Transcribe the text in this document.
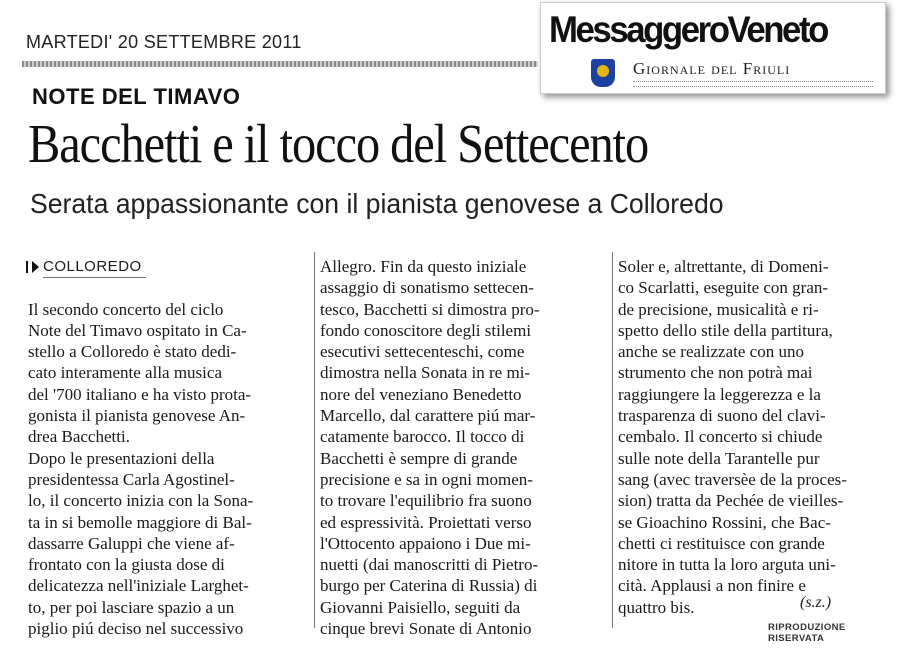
MARTEDI' 20 SETTEMBRE 2011	MessaggeroVeneto
Giornale del Friuli
NOTE DEL TIMAVO
Bacchetti e il tocco del Settecento
Serata appassionante con il pianista genovese a Colloredo
COLLOREDO
Il secondo concerto del ciclo
Note del Timavo ospitato in Ca-
stello a Colloredo è stato dedi-
cato interamente alla musica
del '700 italiano e ha visto prota-
gonista il pianista genovese An-
drea Bacchetti.
Dopo le presentazioni della
presidentessa Carla Agostinel-
lo, il concerto inizia con la Sona-
ta in si bemolle maggiore di Bal-
dassarre Galuppi che viene af-
frontato con la giusta dose di
delicatezza nell'iniziale Larghet-
to, per poi lasciare spazio a un
piglio piú deciso nel successivo
Allegro. Fin da questo iniziale
assaggio di sonatismo settecen-
tesco, Bacchetti si dimostra pro-
fondo conoscitore degli stilemi
esecutivi settecenteschi, come
dimostra nella Sonata in re mi-
nore del veneziano Benedetto
Marcello, dal carattere piú mar-
catamente barocco. Il tocco di
Bacchetti è sempre di grande
precisione e sa in ogni momen-
to trovare l'equilibrio fra suono
ed espressività. Proiettati verso
l'Ottocento appaiono i Due mi-
nuetti (dai manoscritti di Pietro-
burgo per Caterina di Russia) di
Giovanni Paisiello, seguiti da
cinque brevi Sonate di Antonio
Soler e, altrettante, di Domeni-
co Scarlatti, eseguite con gran-
de precisione, musicalità e ri-
spetto dello stile della partitura,
anche se realizzate con uno
strumento che non potrà mai
raggiungere la leggerezza e la
trasparenza di suono del clavi-
cembalo. Il concerto si chiude
sulle note della Tarantelle pur
sang (avec traversèe de la proces-
sion) tratta da Pechée de vieilles-
se Gioachino Rossini, che Bac-
chetti ci restituisce con grande
nitore in tutta la loro arguta uni-
cità. Applausi a non finire e
quattro bis.	(s.z.)
RIPRODUZIONE RISERVATA
